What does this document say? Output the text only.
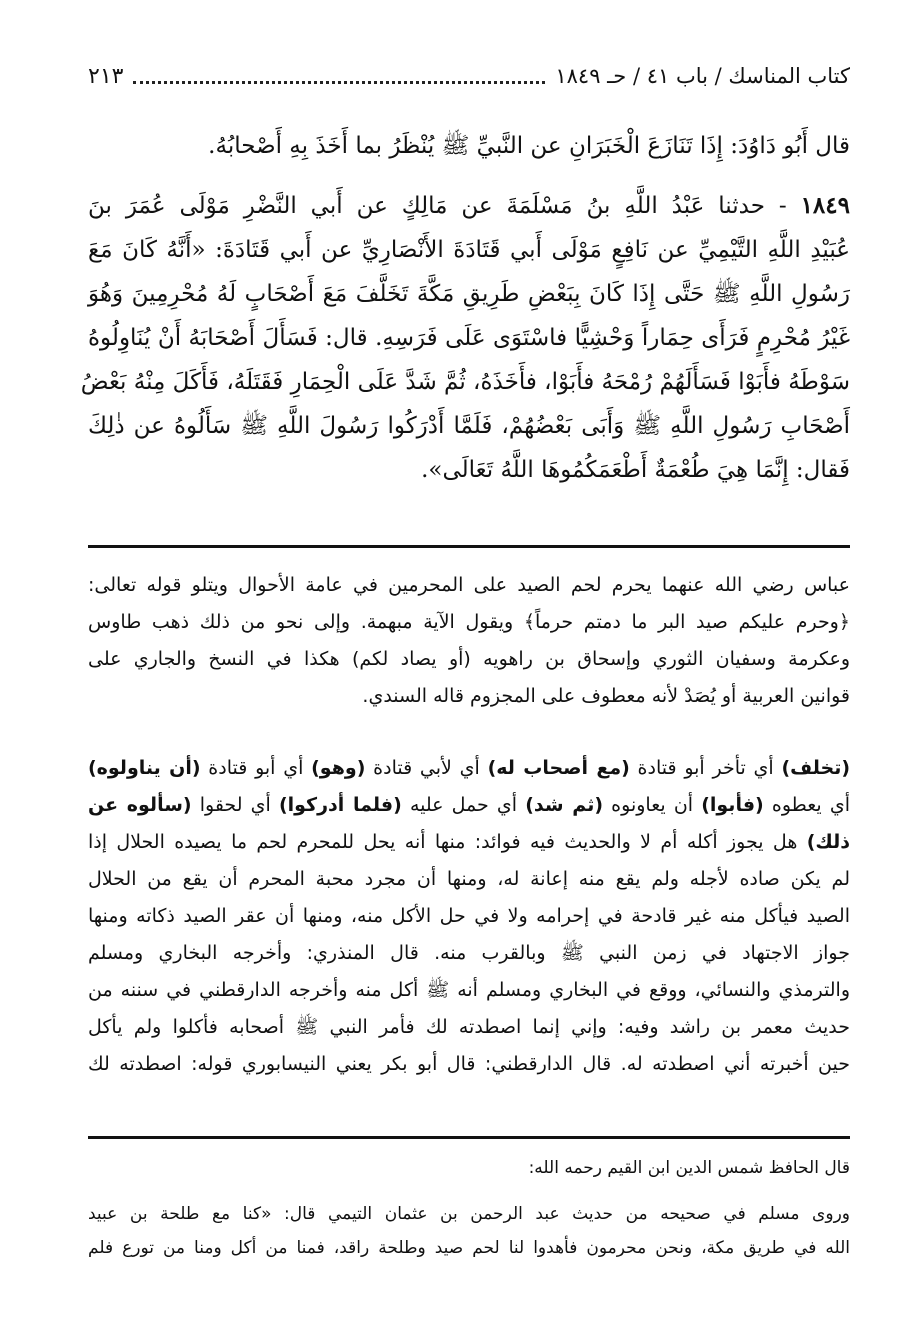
كتاب المناسك / باب ٤١ / حـ ١٨٤٩
٢١٣

قال أَبُو دَاوُدَ: إِذَا تَنَازَعَ الْخَبَرَانِ عن النَّبيِّ ﷺ يُنْظَرُ بما أَخَذَ بِهِ أَصْحابُهُ.

١٨٤٩ - حدثنا عَبْدُ اللَّهِ بنُ مَسْلَمَةَ عن مَالِكٍ عن أَبي النَّضْرِ مَوْلَى عُمَرَ بنَ

عُبَيْدِ اللَّهِ التَّيْمِيِّ عن نَافِعٍ مَوْلَى أَبي قَتَادَةَ الأَنْصَارِيِّ عن أَبي قَتَادَةَ: «أَنَّهُ كَانَ مَعَ

رَسُولِ اللَّهِ ﷺ حَتَّى إِذَا كَانَ بِبَعْضِ طَرِيقِ مَكَّةَ تَخَلَّفَ مَعَ أَصْحَابٍ لَهُ مُحْرِمِينَ وَهُوَ

غَيْرُ مُحْرِمٍ فَرَأَى حِمَاراً وَحْشِيًّا فاسْتَوَى عَلَى فَرَسِهِ. قال: فَسَأَلَ أَصْحَابَهُ أَنْ يُنَاوِلُوهُ

سَوْطَهُ فأَبَوْا فَسَأَلَهُمْ رُمْحَهُ فأَبَوْا، فأَخَذَهُ، ثُمَّ شَدَّ عَلَى الْحِمَارِ فَقَتَلَهُ، فَأَكَلَ مِنْهُ بَعْضُ

أَصْحَابِ رَسُولِ اللَّهِ ﷺ وَأَبَى بَعْضُهُمْ، فَلَمَّا أَدْرَكُوا رَسُولَ اللَّهِ ﷺ سَأَلُوهُ عن ذٰلِكَ

فَقال: إِنَّمَا هِيَ طُعْمَةٌ أَطْعَمَكُمُوهَا اللَّهُ تَعَالَى».

عباس رضي الله عنهما يحرم لحم الصيد على المحرمين في عامة الأحوال ويتلو قوله تعالى:

﴿وحرم عليكم صيد البر ما دمتم حرماً﴾ ويقول الآية مبهمة. وإلى نحو من ذلك ذهب طاوس

وعكرمة وسفيان الثوري وإسحاق بن راهويه (أو يصاد لكم) هكذا في النسخ والجاري على

قوانين العربية أو يُصَدْ لأنه معطوف على المجزوم قاله السندي.

(تخلف) أي تأخر أبو قتادة (مع أصحاب له) أي لأبي قتادة (وهو) أي أبو قتادة (أن يناولوه)

أي يعطوه (فأبوا) أن يعاونوه (ثم شد) أي حمل عليه (فلما أدركوا) أي لحقوا (سألوه عن

ذلك) هل يجوز أكله أم لا والحديث فيه فوائد: منها أنه يحل للمحرم لحم ما يصيده الحلال إذا

لم يكن صاده لأجله ولم يقع منه إعانة له، ومنها أن مجرد محبة المحرم أن يقع من الحلال

الصيد فيأكل منه غير قادحة في إحرامه ولا في حل الأكل منه، ومنها أن عقر الصيد ذكاته ومنها

جواز الاجتهاد في زمن النبي ﷺ وبالقرب منه. قال المنذري: وأخرجه البخاري ومسلم

والترمذي والنسائي، ووقع في البخاري ومسلم أنه ﷺ أكل منه وأخرجه الدارقطني في سننه من

حديث معمر بن راشد وفيه: وإني إنما اصطدته لك فأمر النبي ﷺ أصحابه فأكلوا ولم يأكل

حين أخبرته أني اصطدته له. قال الدارقطني: قال أبو بكر يعني النيسابوري قوله: اصطدته لك

قال الحافظ شمس الدين ابن القيم رحمه الله:

وروى مسلم في صحيحه من حديث عبد الرحمن بن عثمان التيمي قال: «كنا مع طلحة بن عبيد

الله في طريق مكة، ونحن محرمون فأهدوا لنا لحم صيد وطلحة راقد، فمنا من أكل ومنا من تورع فلم
